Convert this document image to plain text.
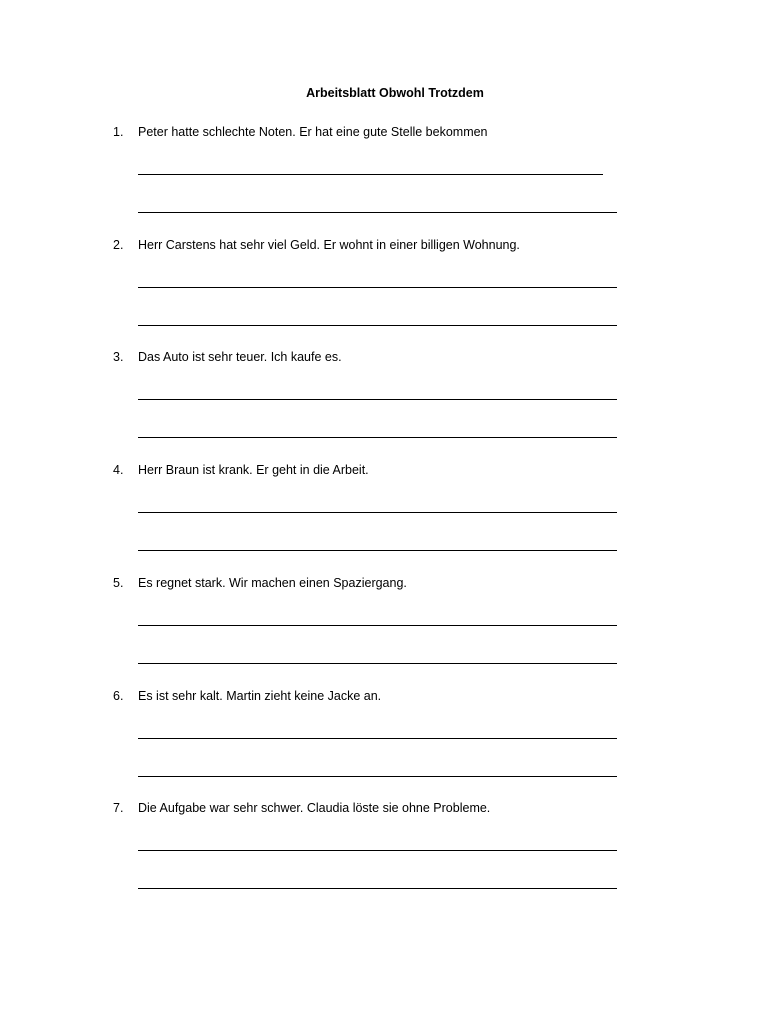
Arbeitsblatt Obwohl Trotzdem
1. Peter hatte schlechte Noten. Er hat eine gute Stelle bekommen
2. Herr Carstens hat sehr viel Geld. Er wohnt in einer billigen Wohnung.
3. Das Auto ist sehr teuer. Ich kaufe es.
4. Herr Braun ist krank. Er geht in die Arbeit.
5. Es regnet stark. Wir machen einen Spaziergang.
6. Es ist sehr kalt. Martin zieht keine Jacke an.
7. Die Aufgabe war sehr schwer. Claudia löste sie ohne Probleme.
